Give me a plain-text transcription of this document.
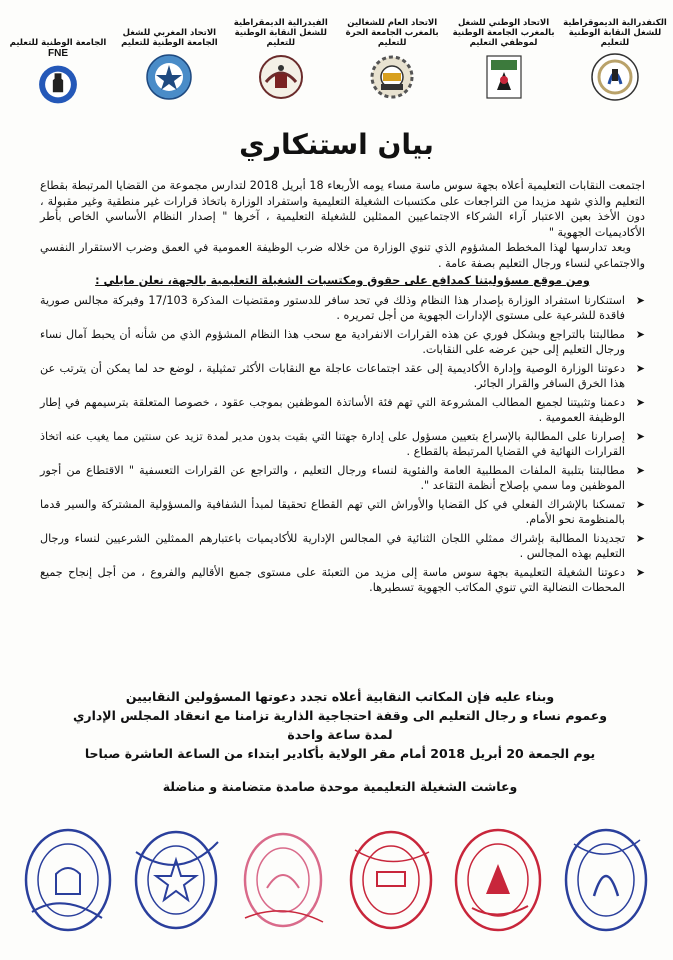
الكنفدرالية الديموقراطية للشغل النقابة الوطنية للتعليم
الاتحاد الوطني للشغل بالمغرب الجامعة الوطنية لموظفي التعليم
الاتحاد العام للشغالين بالمغرب الجامعة الحرة للتعليم
الفيدرالية الديمقراطية للشغل النقابة الوطنية للتعليم
الاتحاد المغربي للشغل الجامعة الوطنية للتعليم
الجامعة الوطنية للتعليم
FNE
بيان استنكاري

اجتمعت النقابات التعليمية أعلاه بجهة سوس ماسة مساء يومه الأربعاء 18 أبريل 2018 لتدارس مجموعة من القضايا المرتبطة بقطاع التعليم والذي شهد مزيدا من التراجعات على مكتسبات الشغيلة التعليمية واستفراد الوزارة باتخاذ قرارات غير منطقية وغير مقبولة ، دون الأخذ بعين الاعتبار آراء الشركاء الاجتماعيين الممثلين للشغيلة التعليمية ، آخرها " إصدار النظام الأساسي الخاص بأطر الأكاديميات الجهوية "

وبعد تدارسها لهذا المخطط المشؤوم الذي تنوي الوزارة من خلاله ضرب الوظيفة العمومية في العمق وضرب الاستقرار النفسي والاجتماعي لنساء ورجال التعليم بصفة عامة .

ومن موقع مسؤوليتنا كمدافع على حقوق ومكتسبات الشغيلة التعليمية بالجهة، نعلن مايلي :

➤ استنكارنا استفراد الوزارة بإصدار هذا النظام وذلك في تحد سافر للدستور ومقتضيات المذكرة 17/103 وفبركة مجالس صورية فاقدة للشرعية على مستوى الإدارات الجهوية من أجل تمريره .
➤ مطالبتنا بالتراجع وبشكل فوري عن هذه القرارات الانفرادية مع سحب هذا النظام المشؤوم الذي من شأنه أن يحبط آمال نساء ورجال التعليم إلى حين عرضه على النقابات.
➤ دعوتنا الوزارة الوصية وإدارة الأكاديمية إلى عقد اجتماعات عاجلة مع النقابات الأكثر تمثيلية ، لوضع حد لما يمكن أن يترتب عن هذا الخرق السافر والقرار الجائر.
➤ دعمنا وتثبيتنا لجميع المطالب المشروعة التي تهم فئة الأساتذة الموظفين بموجب عقود ، خصوصا المتعلقة بترسيمهم في إطار الوظيفة العمومية .
➤ إصرارنا على المطالبة بالإسراع بتعيين مسؤول على إدارة جهتنا التي بقيت بدون مدير لمدة تزيد عن سنتين مما يغيب عنه اتخاذ القرارات النهائية في القضايا المرتبطة بالقطاع .
➤ مطالبتنا بتلبية الملفات المطلبية العامة والفئوية لنساء ورجال التعليم ، والتراجع عن القرارات التعسفية " الاقتطاع من أجور الموظفين وما سمي بإصلاح أنظمة التقاعد ".
➤ تمسكنا بالإشراك الفعلي في كل القضايا والأوراش التي تهم القطاع تحقيقا لمبدأ الشفافية والمسؤولية المشتركة والسير قدما بالمنظومة نحو الأمام.
➤ تجديدنا المطالبة بإشراك ممثلي اللجان الثنائية في المجالس الإدارية للأكاديميات باعتبارهم الممثلين الشرعيين لنساء ورجال التعليم بهذه المجالس .
➤ دعوتنا الشغيلة التعليمية بجهة سوس ماسة إلى مزيد من التعبئة على مستوى جميع الأقاليم والفروع ، من أجل إنجاح جميع المحطات النضالية التي تنوي المكاتب الجهوية تسطيرها.

وبناء عليه فإن المكاتب النقابية أعلاه تجدد دعوتها المسؤولين النقابيين

وعموم نساء و رجال التعليم الى وقفة احتجاجية الذارية تزامنا مع انعقاد المجلس الإداري

لمدة ساعة واحدة

يوم الجمعة 20 أبريل 2018 أمام مقر الولاية بأكادير ابتداء من الساعة العاشرة صباحا

وعاشت الشغيلة التعليمية موحدة صامدة متضامنة و مناضلة
